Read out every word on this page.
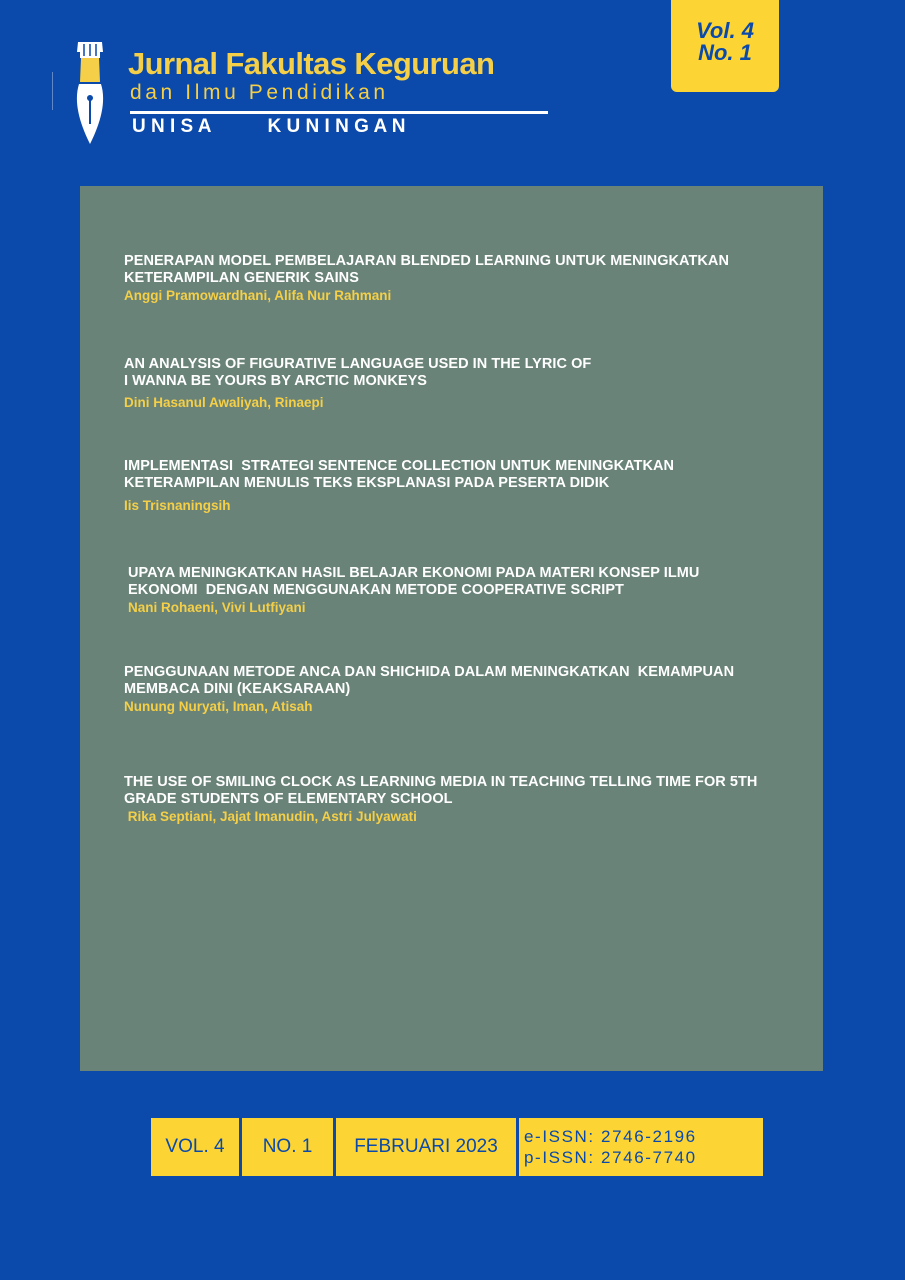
Jurnal Fakultas Keguruan
dan Ilmu Pendidikan
U N I S A	K U N I N G A N
Vol. 4
No. 1
PENERAPAN MODEL PEMBELAJARAN BLENDED LEARNING UNTUK MENINGKATKAN
KETERAMPILAN GENERIK SAINS
Anggi Pramowardhani, Alifa Nur Rahmani
AN ANALYSIS OF FIGURATIVE LANGUAGE USED IN THE LYRIC OF
I WANNA BE YOURS BY ARCTIC MONKEYS
Dini Hasanul Awaliyah, Rinaepi
IMPLEMENTASI  STRATEGI SENTENCE COLLECTION UNTUK MENINGKATKAN
KETERAMPILAN MENULIS TEKS EKSPLANASI PADA PESERTA DIDIK
Iis Trisnaningsih
UPAYA MENINGKATKAN HASIL BELAJAR EKONOMI PADA MATERI KONSEP ILMU
EKONOMI  DENGAN MENGGUNAKAN METODE COOPERATIVE SCRIPT
Nani Rohaeni, Vivi Lutfiyani
PENGGUNAAN METODE ANCA DAN SHICHIDA DALAM MENINGKATKAN  KEMAMPUAN
MEMBACA DINI (KEAKSARAAN)
Nunung Nuryati, Iman, Atisah
THE USE OF SMILING CLOCK AS LEARNING MEDIA IN TEACHING TELLING TIME FOR 5TH
GRADE STUDENTS OF ELEMENTARY SCHOOL
Rika Septiani, Jajat Imanudin, Astri Julyawati
VOL. 4	NO. 1	FEBRUARI 2023	e-ISSN: 2746-2196
p-ISSN: 2746-7740
